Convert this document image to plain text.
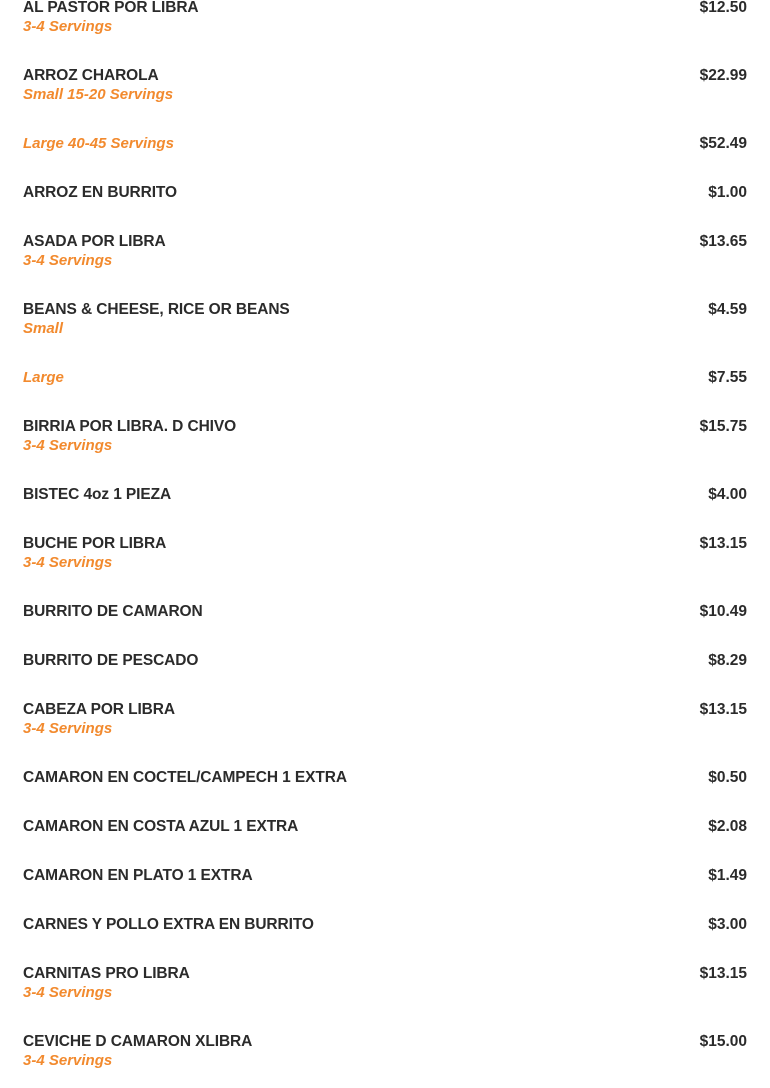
AL PASTOR POR LIBRA	$12.50
3-4 Servings
ARROZ CHAROLA	$22.99
Small 15-20 Servings
Large 40-45 Servings	$52.49
ARROZ EN BURRITO	$1.00
ASADA POR LIBRA	$13.65
3-4 Servings
BEANS & CHEESE, RICE OR BEANS	$4.59
Small
Large	$7.55
BIRRIA POR LIBRA. D CHIVO	$15.75
3-4 Servings
BISTEC 4oz 1 PIEZA	$4.00
BUCHE POR LIBRA	$13.15
3-4 Servings
BURRITO DE CAMARON	$10.49
BURRITO DE PESCADO	$8.29
CABEZA POR LIBRA	$13.15
3-4 Servings
CAMARON EN COCTEL/CAMPECH 1 EXTRA	$0.50
CAMARON EN COSTA AZUL 1 EXTRA	$2.08
CAMARON EN PLATO 1 EXTRA	$1.49
CARNES Y POLLO EXTRA EN BURRITO	$3.00
CARNITAS PRO LIBRA	$13.15
3-4 Servings
CEVICHE D CAMARON XLIBRA	$15.00
3-4 Servings
